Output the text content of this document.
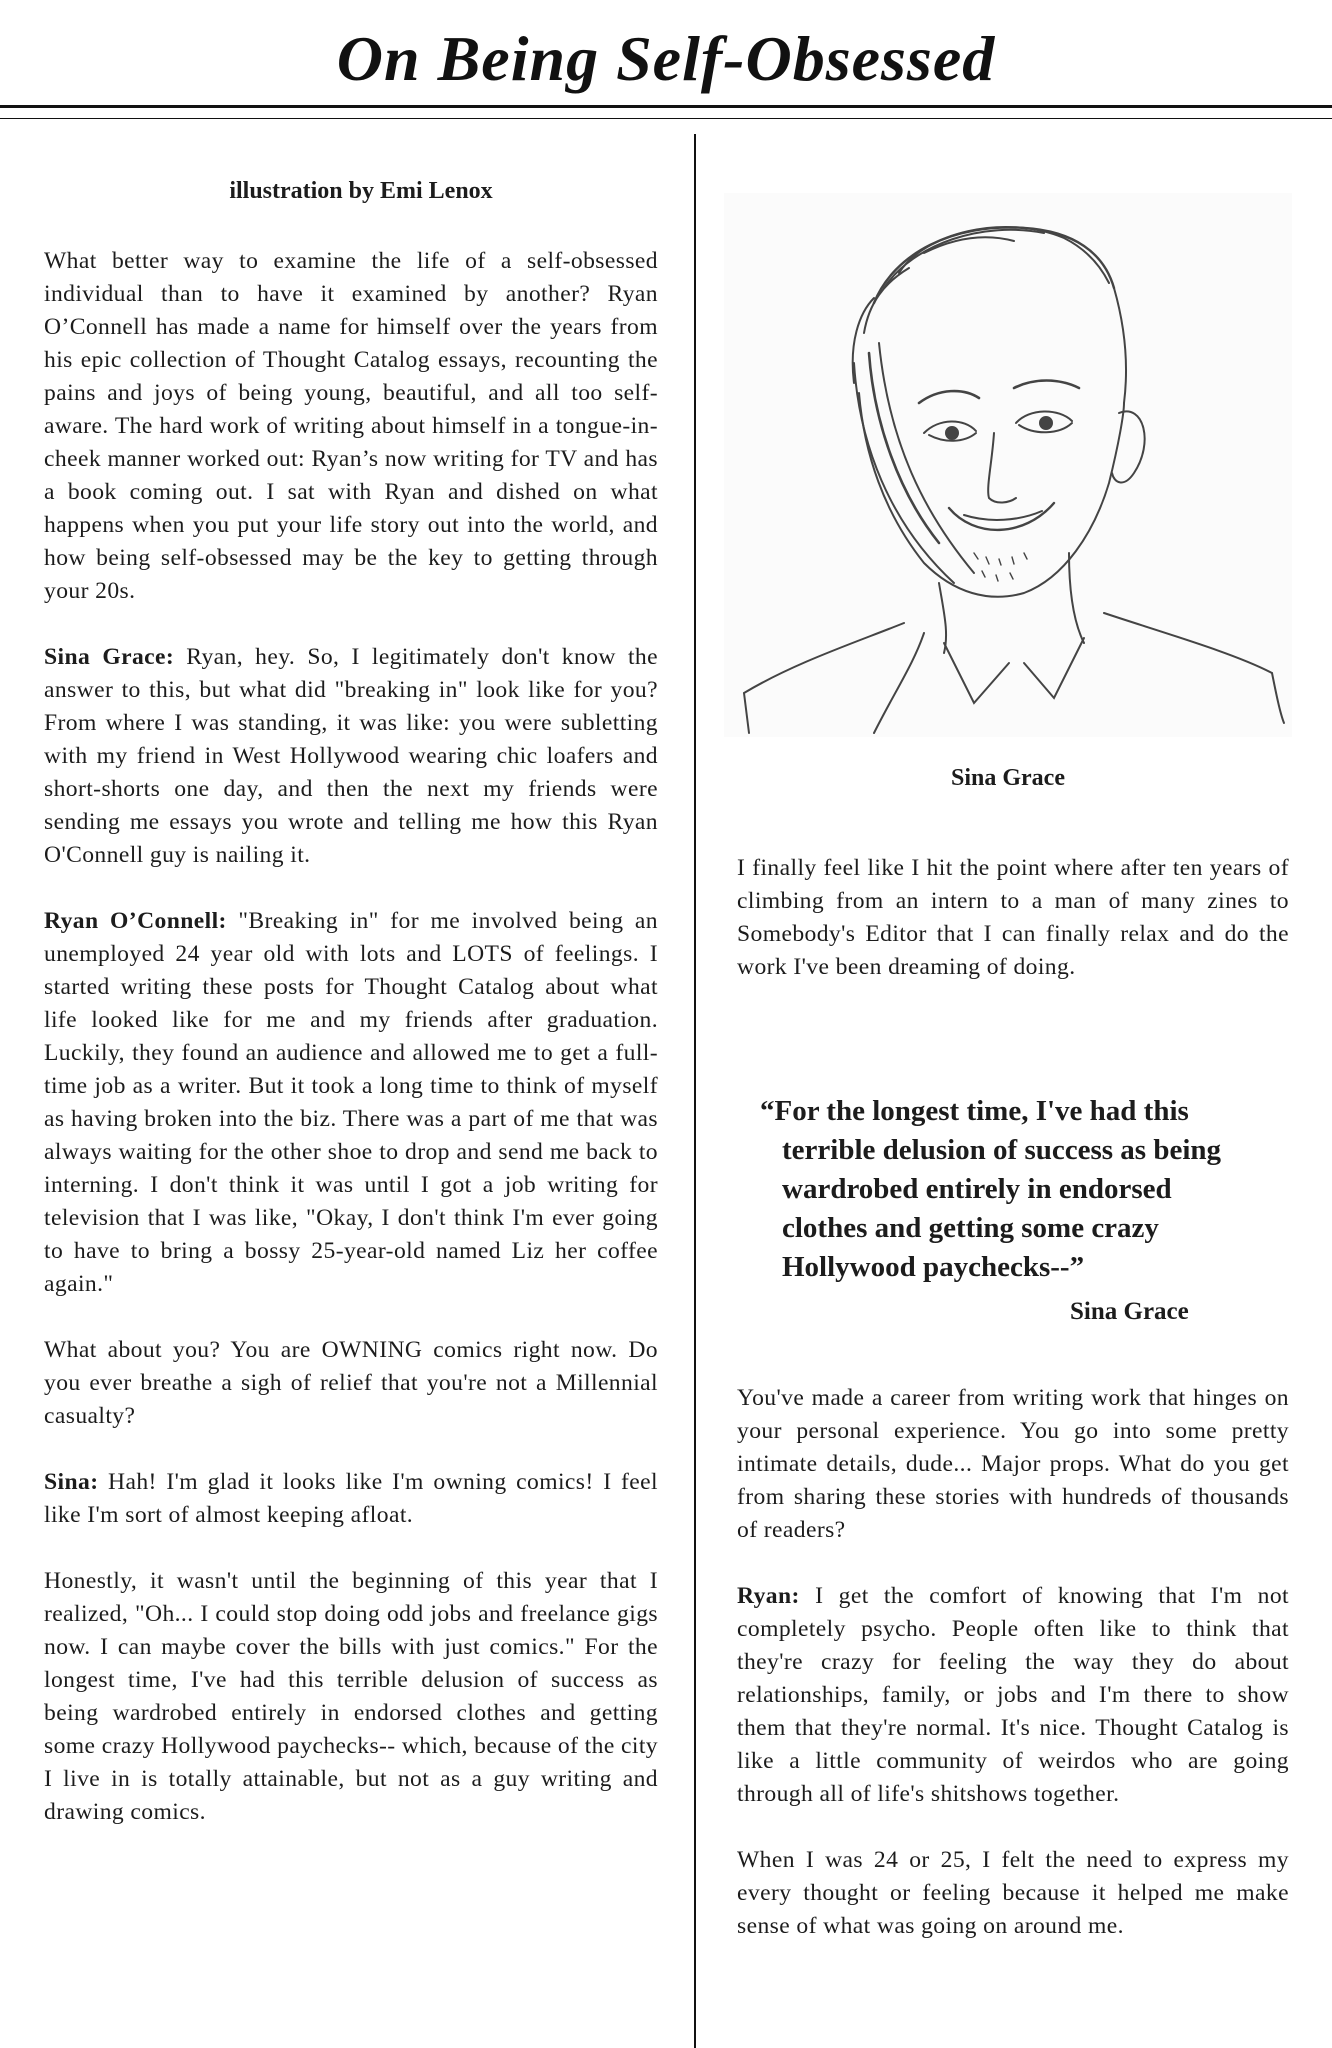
On Being Self-Obsessed
illustration by Emi Lenox

What better way to examine the life of a self-obsessed individual than to have it examined by another? Ryan O’Connell has made a name for himself over the years from his epic collection of Thought Catalog essays, recounting the pains and joys of being young, beautiful, and all too self-aware. The hard work of writing about himself in a tongue-in-cheek manner worked out: Ryan’s now writing for TV and has a book coming out. I sat with Ryan and dished on what happens when you put your life story out into the world, and how being self-obsessed may be the key to getting through your 20s.

Sina Grace: Ryan, hey. So, I legitimately don't know the answer to this, but what did "breaking in" look like for you? From where I was standing, it was like: you were subletting with my friend in West Hollywood wearing chic loafers and short-shorts one day, and then the next my friends were sending me essays you wrote and telling me how this Ryan O'Connell guy is nailing it.

Ryan O’Connell: "Breaking in" for me involved being an unemployed 24 year old with lots and LOTS of feelings. I started writing these posts for Thought Catalog about what life looked like for me and my friends after graduation. Luckily, they found an audience and allowed me to get a full-time job as a writer. But it took a long time to think of myself as having broken into the biz. There was a part of me that was always waiting for the other shoe to drop and send me back to interning. I don't think it was until I got a job writing for television that I was like, "Okay, I don't think I'm ever going to have to bring a bossy 25-year-old named Liz her coffee again."

What about you? You are OWNING comics right now. Do you ever breathe a sigh of relief that you're not a Millennial casualty?

Sina: Hah! I'm glad it looks like I'm owning comics! I feel like I'm sort of almost keeping afloat.

Honestly, it wasn't until the beginning of this year that I realized, "Oh... I could stop doing odd jobs and freelance gigs now. I can maybe cover the bills with just comics." For the longest time, I've had this terrible delusion of success as being wardrobed entirely in endorsed clothes and getting some crazy Hollywood paychecks-- which, because of the city I live in is totally attainable, but not as a guy writing and drawing comics.

Sina Grace

I finally feel like I hit the point where after ten years of climbing from an intern to a man of many zines to Somebody's Editor that I can finally relax and do the work I've been dreaming of doing.

“For the longest time, I've had this
terrible delusion of success as being
wardrobed entirely in endorsed
clothes and getting some crazy
Hollywood paychecks--”
Sina Grace

You've made a career from writing work that hinges on your personal experience. You go into some pretty intimate details, dude... Major props. What do you get from sharing these stories with hundreds of thousands of readers?

Ryan: I get the comfort of knowing that I'm not completely psycho. People often like to think that they're crazy for feeling the way they do about relationships, family, or jobs and I'm there to show them that they're normal. It's nice. Thought Catalog is like a little community of weirdos who are going through all of life's shitshows together.

When I was 24 or 25, I felt the need to express my every thought or feeling because it helped me make sense of what was going on around me.
